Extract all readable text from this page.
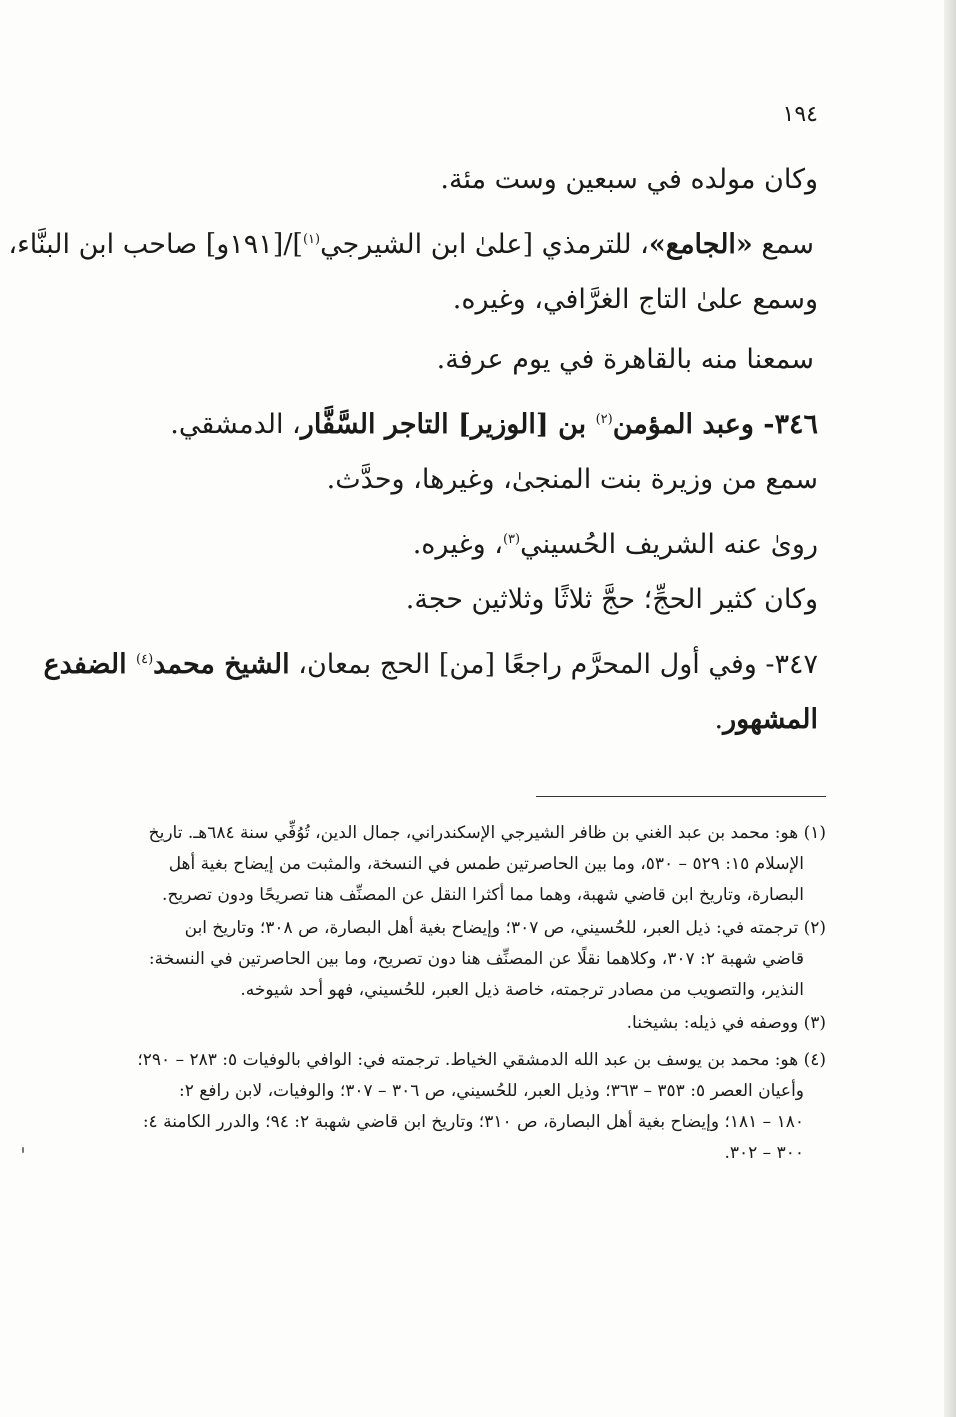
١٩٤
وكان مولده في سبعين وست مئة.
سمع «الجامع»، للترمذي [علىٰ ابن الشيرجي$^{(١)}$]/[١٩١و] صاحب ابن البنَّاء،
وسمع علىٰ التاج الغرَّافي، وغيره.
سمعنا منه بالقاهرة في يوم عرفة.
٣٤٦- وعبد المؤمن$^{(٢)}$ بن [الوزير] التاجر السَّفَّار، الدمشقي.
سمع من وزيرة بنت المنجىٰ، وغيرها، وحدَّث.
رویٰ عنه الشريف الحُسيني$^{(٣)}$، وغيره.
وكان كثير الحجِّ؛ حجَّ ثلاثًا وثلاثين حجة.
٣٤٧- وفي أول المحرَّم راجعًا [من] الحج بمعان، الشيخ محمد$^{(٤)}$ الضفدع
المشهور.
(١) هو: محمد بن عبد الغني بن ظافر الشيرجي الإسكندراني، جمال الدين، تُوُفِّي سنة ٦٨٤هـ. تاريخ
الإسلام ١٥: ٥٢٩ – ٥٣٠، وما بين الحاصرتين طمس في النسخة، والمثبت من إيضاح بغية أهل
البصارة، وتاريخ ابن قاضي شهبة، وهما مما أكثرا النقل عن المصنِّف هنا تصريحًا ودون تصريح.
(٢) ترجمته في: ذيل العبر، للحُسيني، ص ٣٠٧؛ وإيضاح بغية أهل البصارة، ص ٣٠٨؛ وتاريخ ابن
قاضي شهبة ٢: ٣٠٧، وكلاهما نقلًا عن المصنِّف هنا دون تصريح، وما بين الحاصرتين في النسخة:
النذير، والتصويب من مصادر ترجمته، خاصة ذيل العبر، للحُسيني، فهو أحد شيوخه.
(٣) ووصفه في ذيله: بشيخنا.
(٤) هو: محمد بن يوسف بن عبد الله الدمشقي الخياط. ترجمته في: الوافي بالوفيات ٥: ٢٨٣ – ٢٩٠؛
وأعيان العصر ٥: ٣٥٣ – ٣٦٣؛ وذيل العبر، للحُسيني، ص ٣٠٦ – ٣٠٧؛ والوفيات، لابن رافع ٢:
١٨٠ – ١٨١؛ وإيضاح بغية أهل البصارة، ص ٣١٠؛ وتاريخ ابن قاضي شهبة ٢: ٩٤؛ والدرر الكامنة ٤:
٣٠٠ – ٣٠٢.
